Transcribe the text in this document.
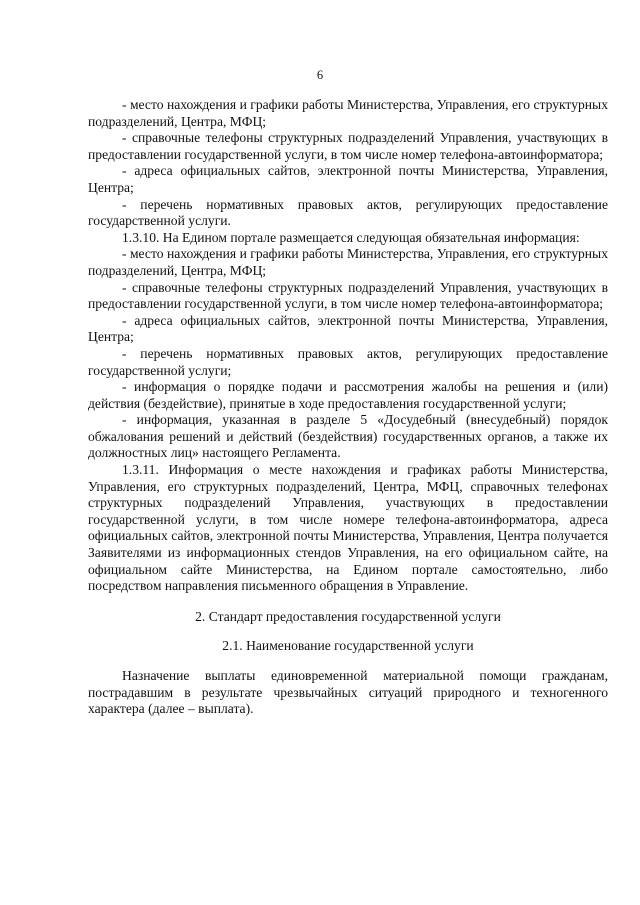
6

- место нахождения и графики работы Министерства, Управления, его структурных подразделений, Центра, МФЦ;

- справочные телефоны структурных подразделений Управления, участвующих в предоставлении государственной услуги, в том числе номер телефона-автоинформатора;

- адреса официальных сайтов, электронной почты Министерства, Управления, Центра;

- перечень нормативных правовых актов, регулирующих предоставление государственной услуги.

1.3.10. На Едином портале размещается следующая обязательная информация:

- место нахождения и графики работы Министерства, Управления, его структурных подразделений, Центра, МФЦ;

- справочные телефоны структурных подразделений Управления, участвующих в предоставлении государственной услуги, в том числе номер телефона-автоинформатора;

- адреса официальных сайтов, электронной почты Министерства, Управления, Центра;

- перечень нормативных правовых актов, регулирующих предоставление государственной услуги;

- информация о порядке подачи и рассмотрения жалобы на решения и (или) действия (бездействие), принятые в ходе предоставления государственной услуги;

- информация, указанная в разделе 5 «Досудебный (внесудебный) порядок обжалования решений и действий (бездействия) государственных органов, а также их должностных лиц» настоящего Регламента.

1.3.11. Информация о месте нахождения и графиках работы Министерства, Управления, его структурных подразделений, Центра, МФЦ, справочных телефонах структурных подразделений Управления, участвующих в предоставлении государственной услуги, в том числе номере телефона-автоинформатора, адреса официальных сайтов, электронной почты Министерства, Управления, Центра получается Заявителями из информационных стендов Управления, на его официальном сайте, на официальном сайте Министерства, на Едином портале самостоятельно, либо посредством направления письменного обращения в Управление.

2. Стандарт предоставления государственной услуги

2.1. Наименование государственной услуги

Назначение выплаты единовременной материальной помощи гражданам, пострадавшим в результате чрезвычайных ситуаций природного и техногенного характера (далее – выплата).
